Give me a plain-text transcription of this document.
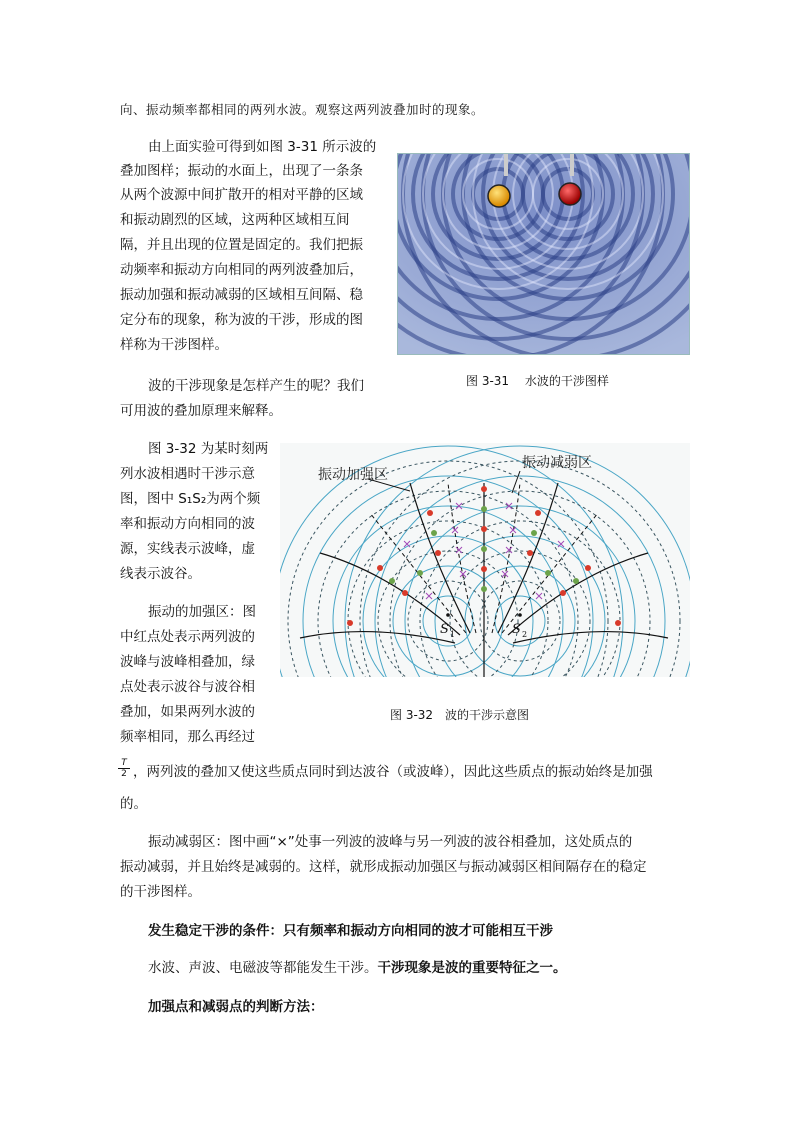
向、振动频率都相同的两列水波。观察这两列波叠加时的现象。
由上面实验可得到如图 3-31 所示波的
叠加图样；振动的水面上，出现了一条条
从两个波源中间扩散开的相对平静的区域
和振动剧烈的区域，这两种区域相互间
隔，并且出现的位置是固定的。我们把振
动频率和振动方向相同的两列波叠加后，
振动加强和振动减弱的区域相互间隔、稳
定分布的现象，称为波的干涉，形成的图
样称为干涉图样。
图 3-31　 水波的干涉图样
波的干涉现象是怎样产生的呢？我们
可用波的叠加原理来解释。
图 3-32 为某时刻两
列水波相遇时干涉示意
图，图中 S₁S₂为两个频
率和振动方向相同的波
源，实线表示波峰，虚
线表示波谷。
振动的加强区：图
中红点处表示两列波的
波峰与波峰相叠加，绿
点处表示波谷与波谷相
叠加，如果两列水波的
频率相同，那么再经过
振动加强区
振动减弱区
S 1	S 2
图 3-32　波的干涉示意图
$\frac{T}{2}$ ，两列波的叠加又使这些质点同时到达波谷（或波峰），因此这些质点的振动始终是加强
的。
振动减弱区：图中画“×”处事一列波的波峰与另一列波的波谷相叠加，这处质点的
振动减弱，并且始终是减弱的。这样，就形成振动加强区与振动减弱区相间隔存在的稳定
的干涉图样。
发生稳定干涉的条件：只有频率和振动方向相同的波才可能相互干涉
水波、声波、电磁波等都能发生干涉。干涉现象是波的重要特征之一。
加强点和减弱点的判断方法：
